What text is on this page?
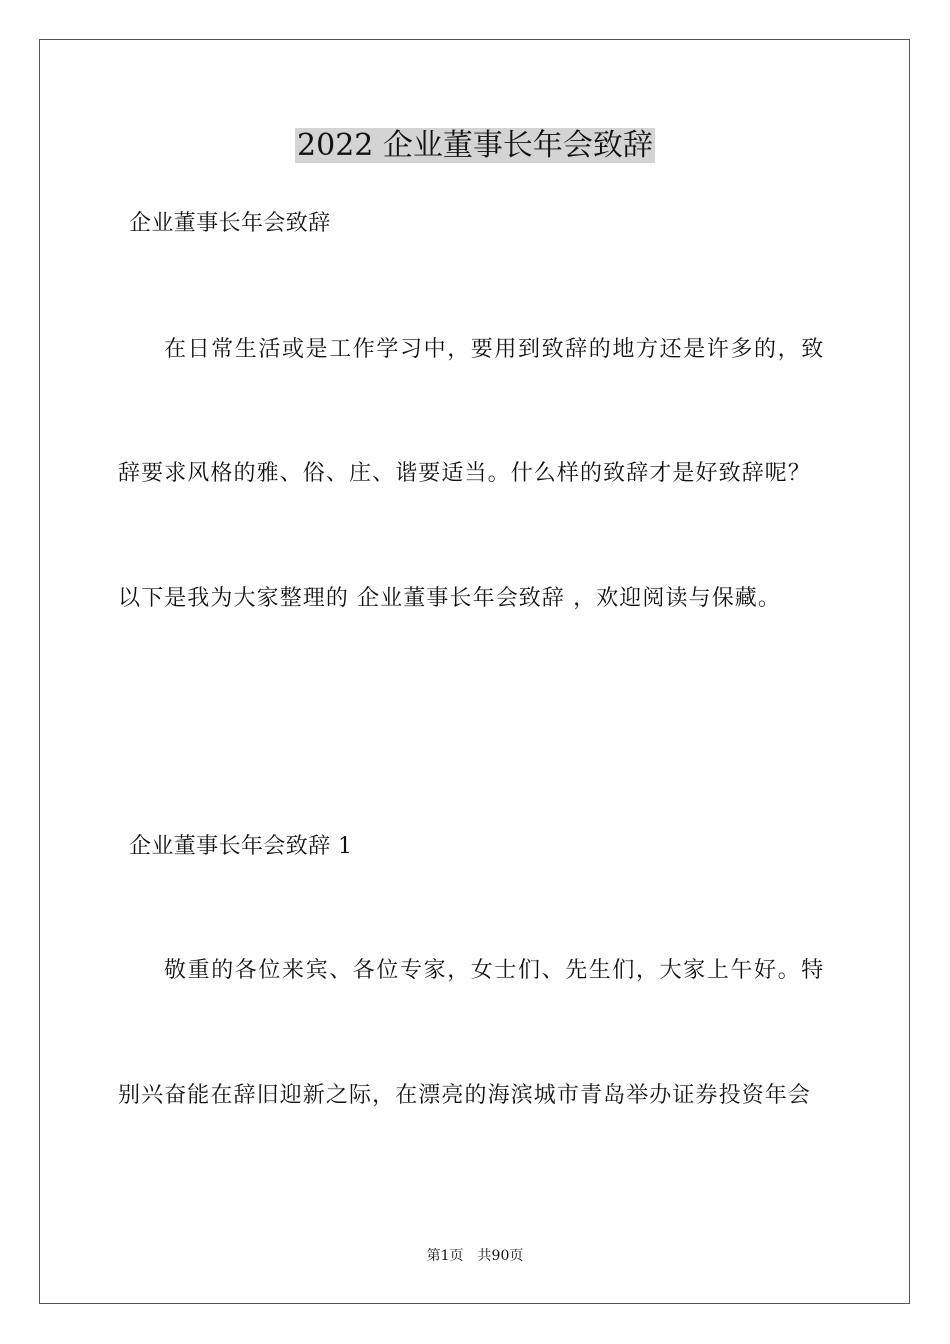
2022 企业董事长年会致辞
企业董事长年会致辞
在日常生活或是工作学习中，要用到致辞的地方还是许多的，致
辞要求风格的雅、俗、庄、谐要适当。什么样的致辞才是好致辞呢？
以下是我为大家整理的 企业董事长年会致辞 ，欢迎阅读与保藏。
企业董事长年会致辞 1
敬重的各位来宾、各位专家，女士们、先生们，大家上午好。特
别兴奋能在辞旧迎新之际，在漂亮的海滨城市青岛举办证券投资年会
第1页　共90页
